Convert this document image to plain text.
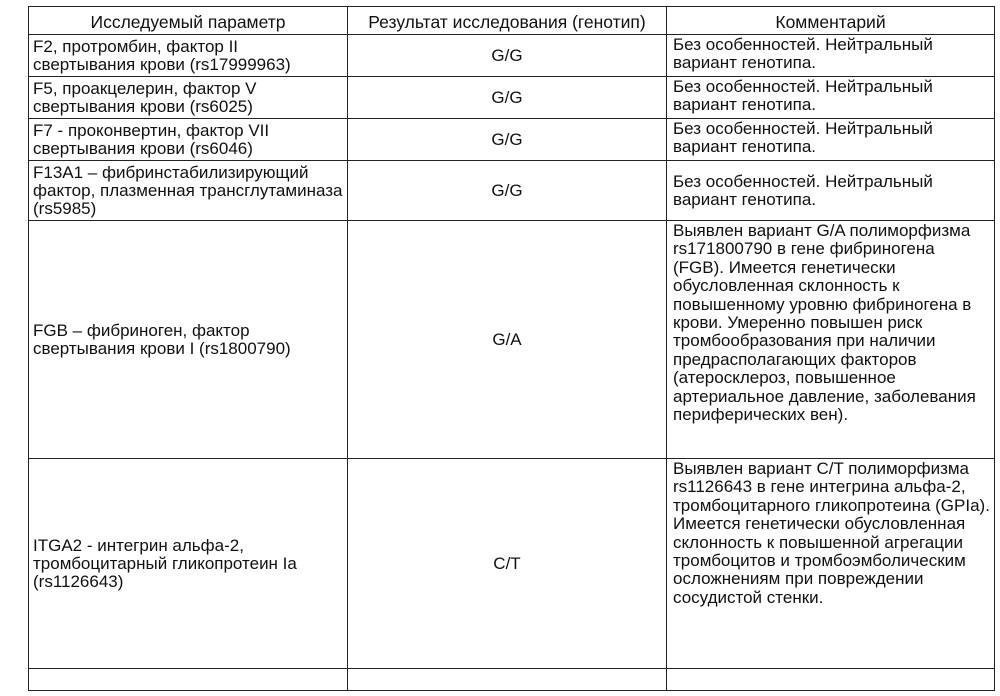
Исследуемый параметр	Результат исследования (генотип)	Комментарий
F2, протромбин, фактор II свертывания крови (rs17999963)	G/G	Без особенностей. Нейтральный вариант генотипа.
F5, проакцелерин, фактор V свертывания крови (rs6025)	G/G	Без особенностей. Нейтральный вариант генотипа.
F7 - проконвертин, фактор VII свертывания крови (rs6046)	G/G	Без особенностей. Нейтральный вариант генотипа.
F13A1 – фибринстабилизирующий фактор, плазменная трансглутаминаза (rs5985)	G/G	Без особенностей. Нейтральный вариант генотипа.
FGB – фибриноген, фактор свертывания крови I (rs1800790)	G/A	Выявлен вариант G/A полиморфизма rs171800790 в гене фибриногена (FGB). Имеется генетически обусловленная склонность к повышенному уровню фибриногена в крови. Умеренно повышен риск тромбообразования при наличии предрасполагающих факторов (атеросклероз, повышенное артериальное давление, заболевания периферических вен).
ITGA2 - интегрин альфа-2, тромбоцитарный гликопротеин Ia (rs1126643)	C/T	Выявлен вариант C/T полиморфизма rs1126643 в гене интегрина альфа-2, тромбоцитарного гликопротеина (GPIa). Имеется генетически обусловленная склонность к повышенной агрегации тромбоцитов и тромбоэмболическим осложнениям при повреждении сосудистой стенки.
